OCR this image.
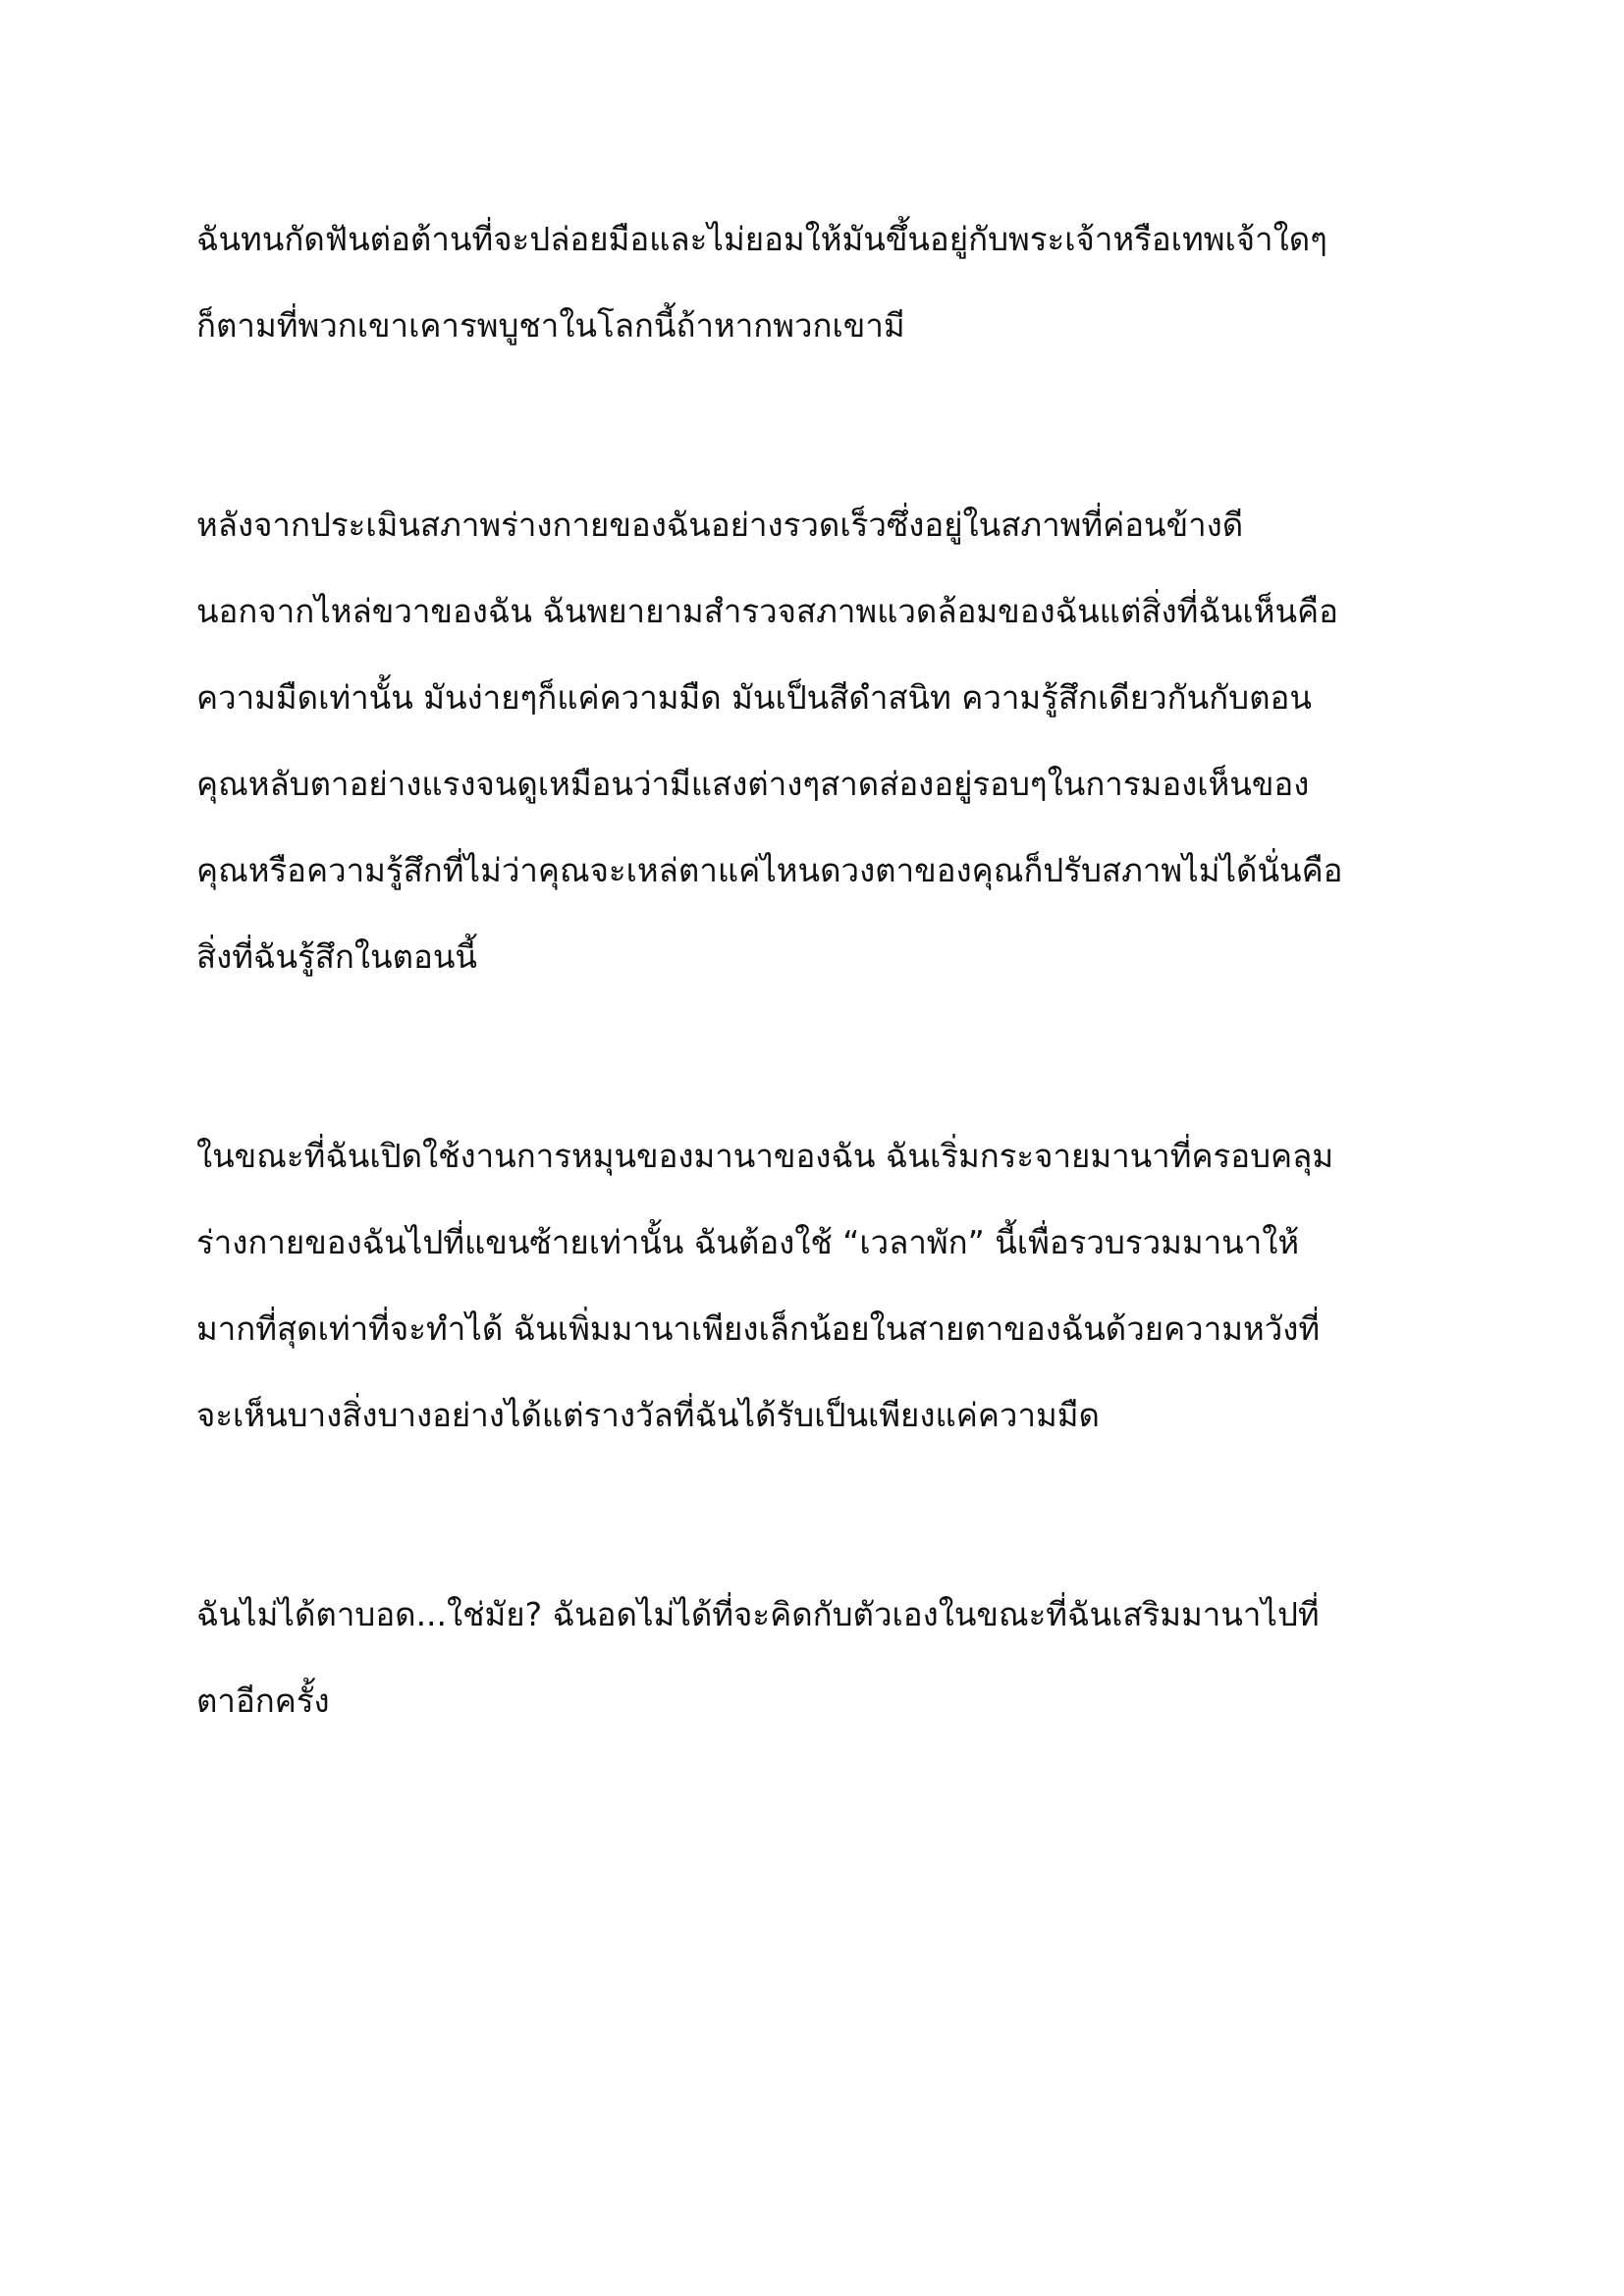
ฉันทนกัดฟันต่อต้านที่จะปล่อยมือและไม่ยอมให้มันขึ้นอยู่กับพระเจ้าหรือเทพเจ้าใดๆ
ก็ตามที่พวกเขาเคารพบูชาในโลกนี้ถ้าหากพวกเขามี

หลังจากประเมินสภาพร่างกายของฉันอย่างรวดเร็วซึ่งอยู่ในสภาพที่ค่อนข้างดี
นอกจากไหล่ขวาของฉัน ฉันพยายามสำรวจสภาพแวดล้อมของฉันแต่สิ่งที่ฉันเห็นคือ
ความมืดเท่านั้น มันง่ายๆก็แค่ความมืด มันเป็นสีดำสนิท ความรู้สึกเดียวกันกับตอน
คุณหลับตาอย่างแรงจนดูเหมือนว่ามีแสงต่างๆสาดส่องอยู่รอบๆในการมองเห็นของ
คุณหรือความรู้สึกที่ไม่ว่าคุณจะเหล่ตาแค่ไหนดวงตาของคุณก็ปรับสภาพไม่ได้นั่นคือ
สิ่งที่ฉันรู้สึกในตอนนี้

ในขณะที่ฉันเปิดใช้งานการหมุนของมานาของฉัน ฉันเริ่มกระจายมานาที่ครอบคลุม
ร่างกายของฉันไปที่แขนซ้ายเท่านั้น ฉันต้องใช้ “เวลาพัก” นี้เพื่อรวบรวมมานาให้
มากที่สุดเท่าที่จะทำได้ ฉันเพิ่มมานาเพียงเล็กน้อยในสายตาของฉันด้วยความหวังที่
จะเห็นบางสิ่งบางอย่างได้แต่รางวัลที่ฉันได้รับเป็นเพียงแค่ความมืด

ฉันไม่ได้ตาบอด...ใช่มัย? ฉันอดไม่ได้ที่จะคิดกับตัวเองในขณะที่ฉันเสริมมานาไปที่
ตาอีกครั้ง
